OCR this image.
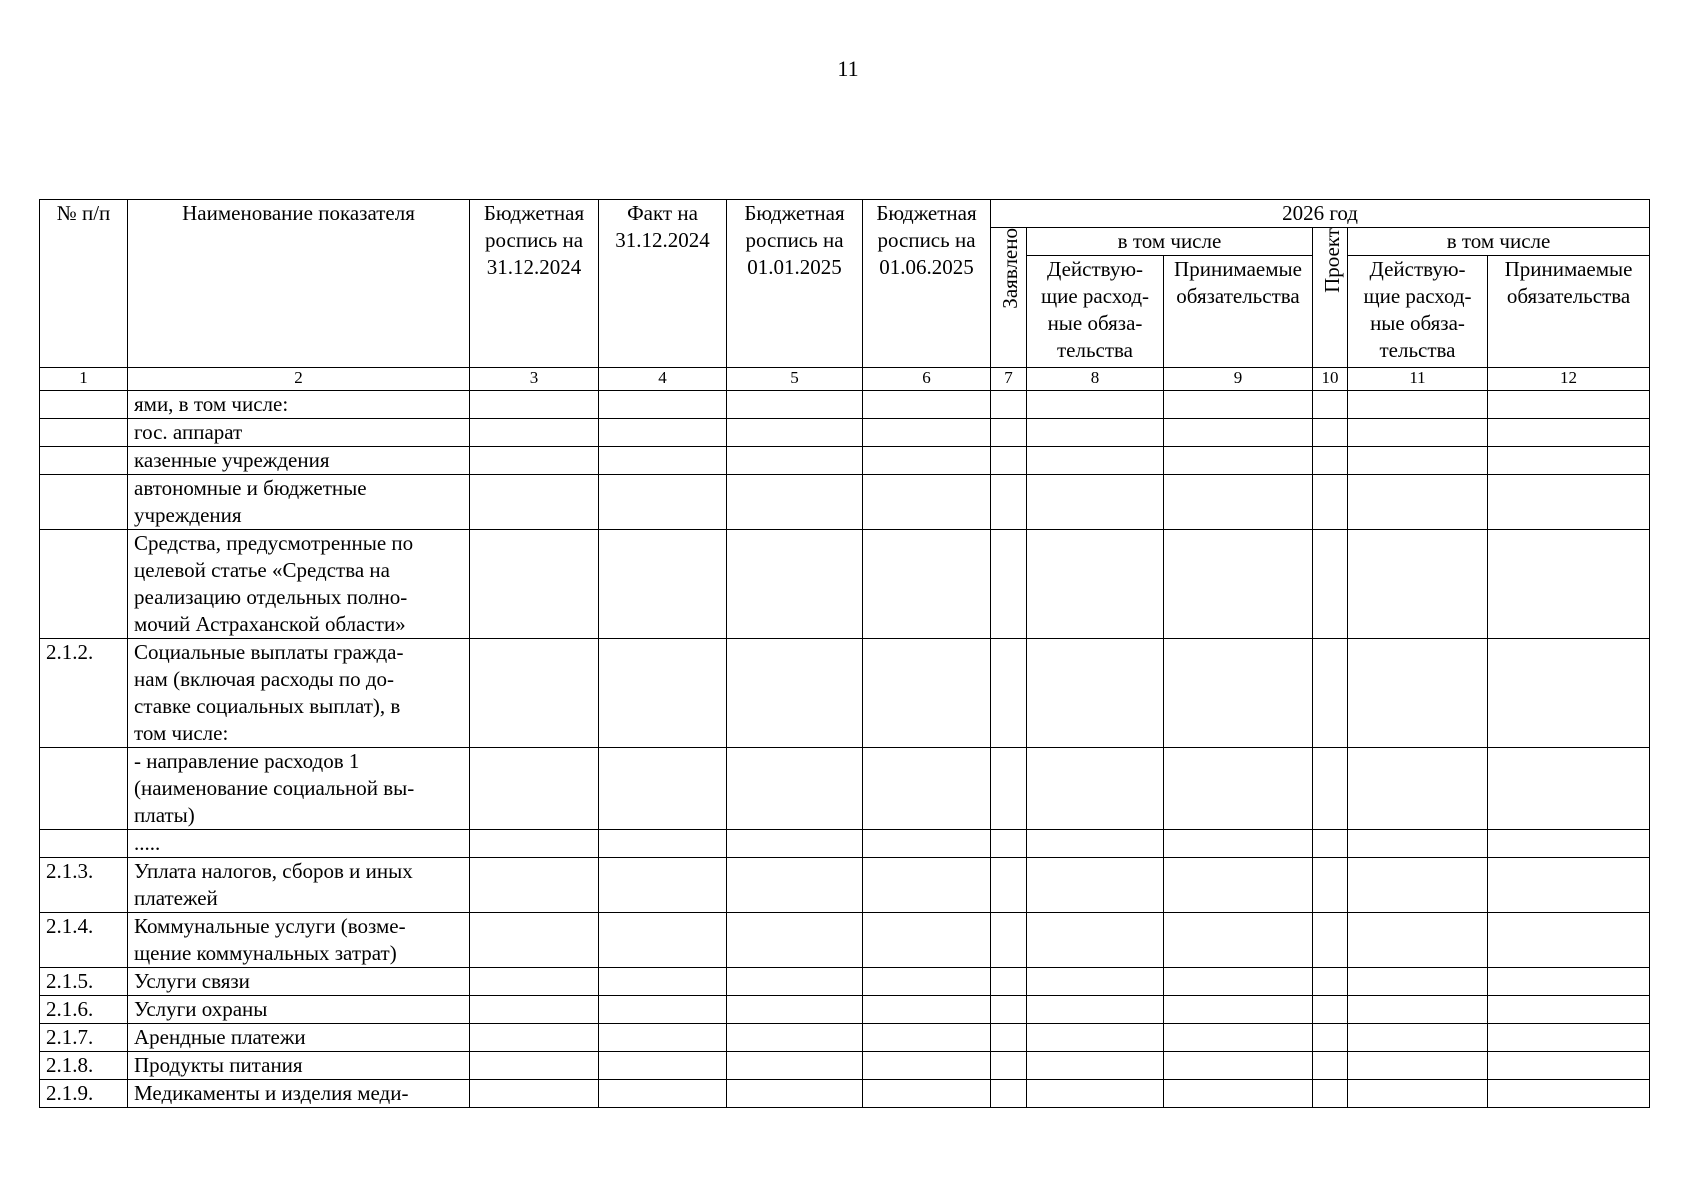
11
№ п/п	Наименование показателя	Бюджетная роспись на 31.12.2024	Факт на 31.12.2024	Бюджетная роспись на 01.01.2025	Бюджетная роспись на 01.06.2025	2026 год					
						Заявлено	в том числе		Проект	в том числе	
							Действую-щие расход-ные обяза-тельства	Принимаемые обязательства		Действую-щие расход-ные обяза-тельства	Принимаемые обязательства
1	2	3	4	5	6	7	8	9	10	11	12
	ями, в том числе:										
	гос. аппарат										
	казенные учреждения										
	автономные и бюджетные
учреждения										
	Средства, предусмотренные по
целевой статье «Средства на
реализацию отдельных полно-
мочий Астраханской области»										
2.1.2.	Социальные выплаты гражда-
нам (включая расходы по до-
ставке социальных выплат), в
том числе:										
	- направление расходов 1
(наименование социальной вы-
платы)										
	.....										
2.1.3.	Уплата налогов, сборов и иных
платежей										
2.1.4.	Коммунальные услуги (возме-
щение коммунальных затрат)										
2.1.5.	Услуги связи										
2.1.6.	Услуги охраны										
2.1.7.	Арендные платежи										
2.1.8.	Продукты питания										
2.1.9.	Медикаменты и изделия меди-										
